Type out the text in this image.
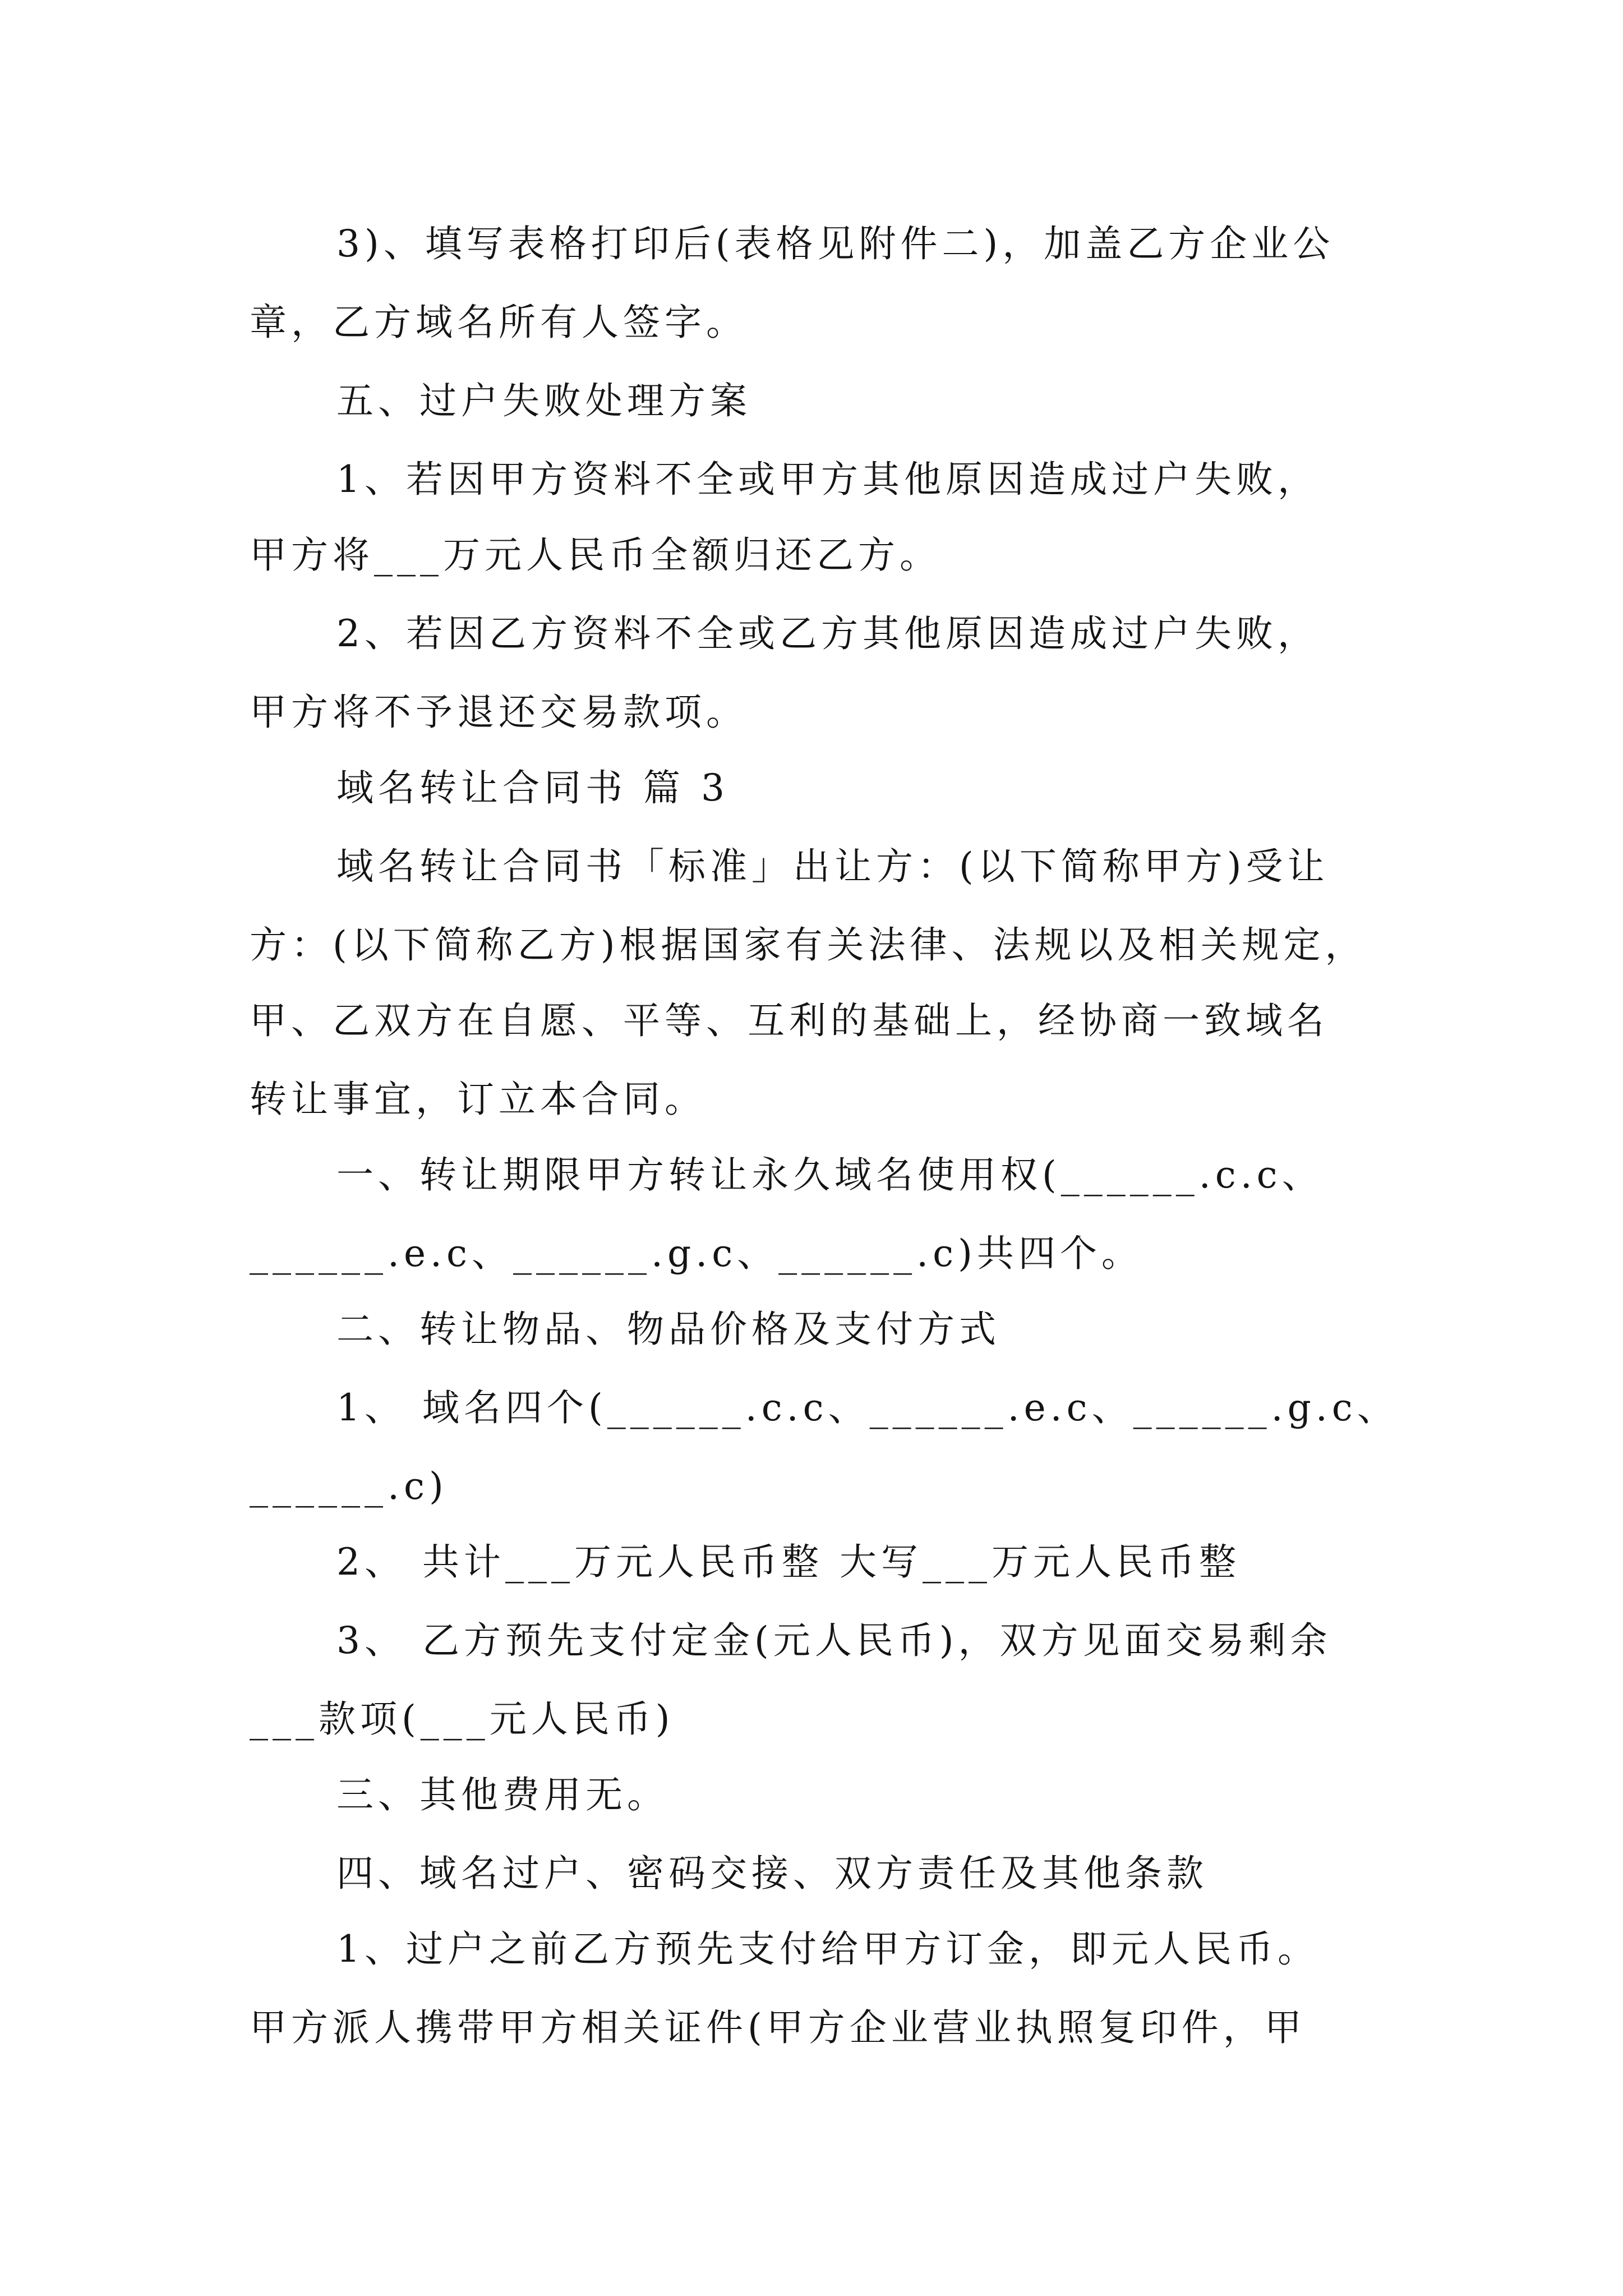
3)、填写表格打印后(表格见附件二)，加盖乙方企业公

章，乙方域名所有人签字。

五、过户失败处理方案

1、若因甲方资料不全或甲方其他原因造成过户失败，

甲方将___万元人民币全额归还乙方。

2、若因乙方资料不全或乙方其他原因造成过户失败，

甲方将不予退还交易款项。

域名转让合同书 篇 3

域名转让合同书「标准」出让方：(以下简称甲方)受让

方：(以下简称乙方)根据国家有关法律、法规以及相关规定，

甲、乙双方在自愿、平等、互利的基础上，经协商一致域名

转让事宜，订立本合同。

一、转让期限甲方转让永久域名使用权(______.c.c、

______.e.c、______.g.c、______.c)共四个。

二、转让物品、物品价格及支付方式

1、 域名四个(______.c.c、______.e.c、______.g.c、

______.c)

2、 共计___万元人民币整 大写___万元人民币整

3、 乙方预先支付定金(元人民币)，双方见面交易剩余

___款项(___元人民币)

三、其他费用无。

四、域名过户、密码交接、双方责任及其他条款

1、过户之前乙方预先支付给甲方订金，即元人民币。

甲方派人携带甲方相关证件(甲方企业营业执照复印件，甲
